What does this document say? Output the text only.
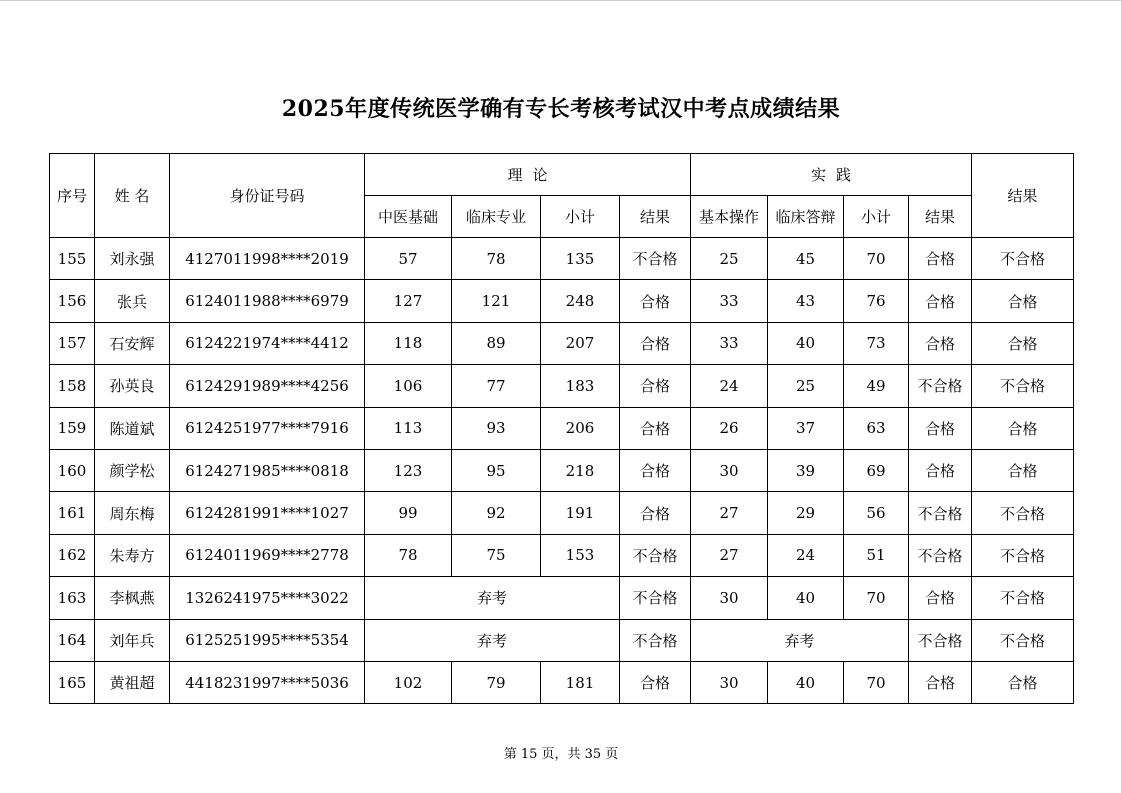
2025年度传统医学确有专长考核考试汉中考点成绩结果
序号	姓 名	身份证号码	理论				实践				结果
			中医基础	临床专业	小计	结果	基本操作	临床答辩	小计	结果	
155	刘永强	4127011998****2019	57	78	135	不合格	25	45	70	合格	不合格
156	张兵	6124011988****6979	127	121	248	合格	33	43	76	合格	合格
157	石安辉	6124221974****4412	118	89	207	合格	33	40	73	合格	合格
158	孙英良	6124291989****4256	106	77	183	合格	24	25	49	不合格	不合格
159	陈道斌	6124251977****7916	113	93	206	合格	26	37	63	合格	合格
160	颜学松	6124271985****0818	123	95	218	合格	30	39	69	合格	合格
161	周东梅	6124281991****1027	99	92	191	合格	27	29	56	不合格	不合格
162	朱寿方	6124011969****2778	78	75	153	不合格	27	24	51	不合格	不合格
163	李枫燕	1326241975****3022	弃考			不合格	30	40	70	合格	不合格
164	刘年兵	6125251995****5354	弃考			不合格	弃考			不合格	不合格
165	黄祖超	4418231997****5036	102	79	181	合格	30	40	70	合格	合格
第 15 页，共 35 页
